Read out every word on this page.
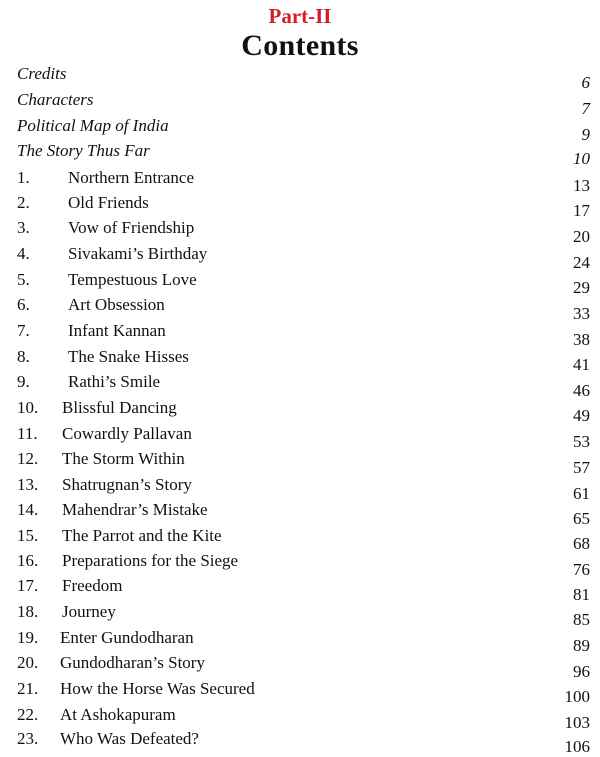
Part-II
Contents
Credits	6
Characters	7
Political Map of India	9
The Story Thus Far	10
1. Northern Entrance	13
2. Old Friends	17
3. Vow of Friendship	20
4. Sivakami’s Birthday	24
5. Tempestuous Love	29
6. Art Obsession	33
7. Infant Kannan	38
8. The Snake Hisses	41
9. Rathi’s Smile	46
10. Blissful Dancing	49
11. Cowardly Pallavan	53
12. The Storm Within	57
13. Shatrugnan’s Story	61
14. Mahendrar’s Mistake	65
15. The Parrot and the Kite	68
16. Preparations for the Siege	76
17. Freedom	81
18. Journey	85
19. Enter Gundodharan	89
20. Gundodharan’s Story	96
21. How the Horse Was Secured	100
22. At Ashokapuram	103
23. Who Was Defeated?	106
